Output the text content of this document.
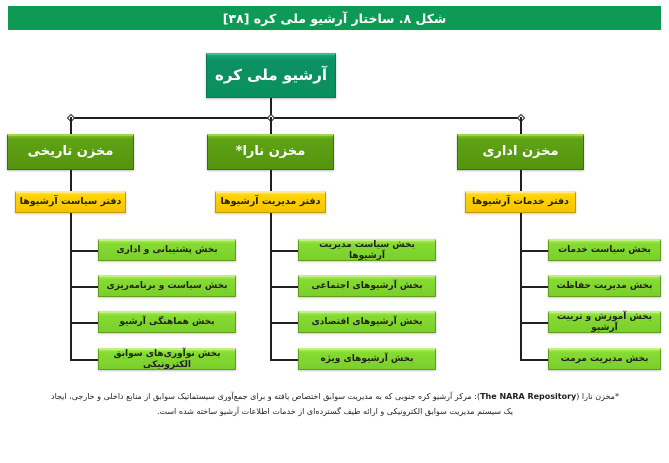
شکل ۸. ساختار آرشیو ملی کره [۳۸]
آرشیو ملی کره
مخزن تاریخی	مخزن نارا*	مخزن اداری
دفتر سیاست آرشیوها	دفتر مدیریت آرشیوها	دفتر خدمات آرشیوها
بخش پشتیبانی و اداری
بخش سیاست و برنامه‌ریزی
بخش هماهنگی آرشیو
بخش نوآوری‌های سوابق الکترونیکی
بخش سیاست مدیریت آرشیوها
بخش آرشیوهای اجتماعی
بخش آرشیوهای اقتصادی
بخش آرشیوهای ویژه
بخش سیاست خدمات
بخش مدیریت حفاظت
بخش آموزش و تربیت آرشیو
بخش مدیریت مرمت
*مخزن نارا (The NARA Repository): مرکز آرشیو کره جنوبی که به مدیریت سوابق اختصاص یافته و برای جمع‌آوری سیستماتیک سوابق از منابع داخلی و خارجی، ایجاد
یک سیستم مدیریت سوابق الکترونیکی و ارائه طیف گسترده‌ای از خدمات اطلاعات آرشیو ساخته شده است.
